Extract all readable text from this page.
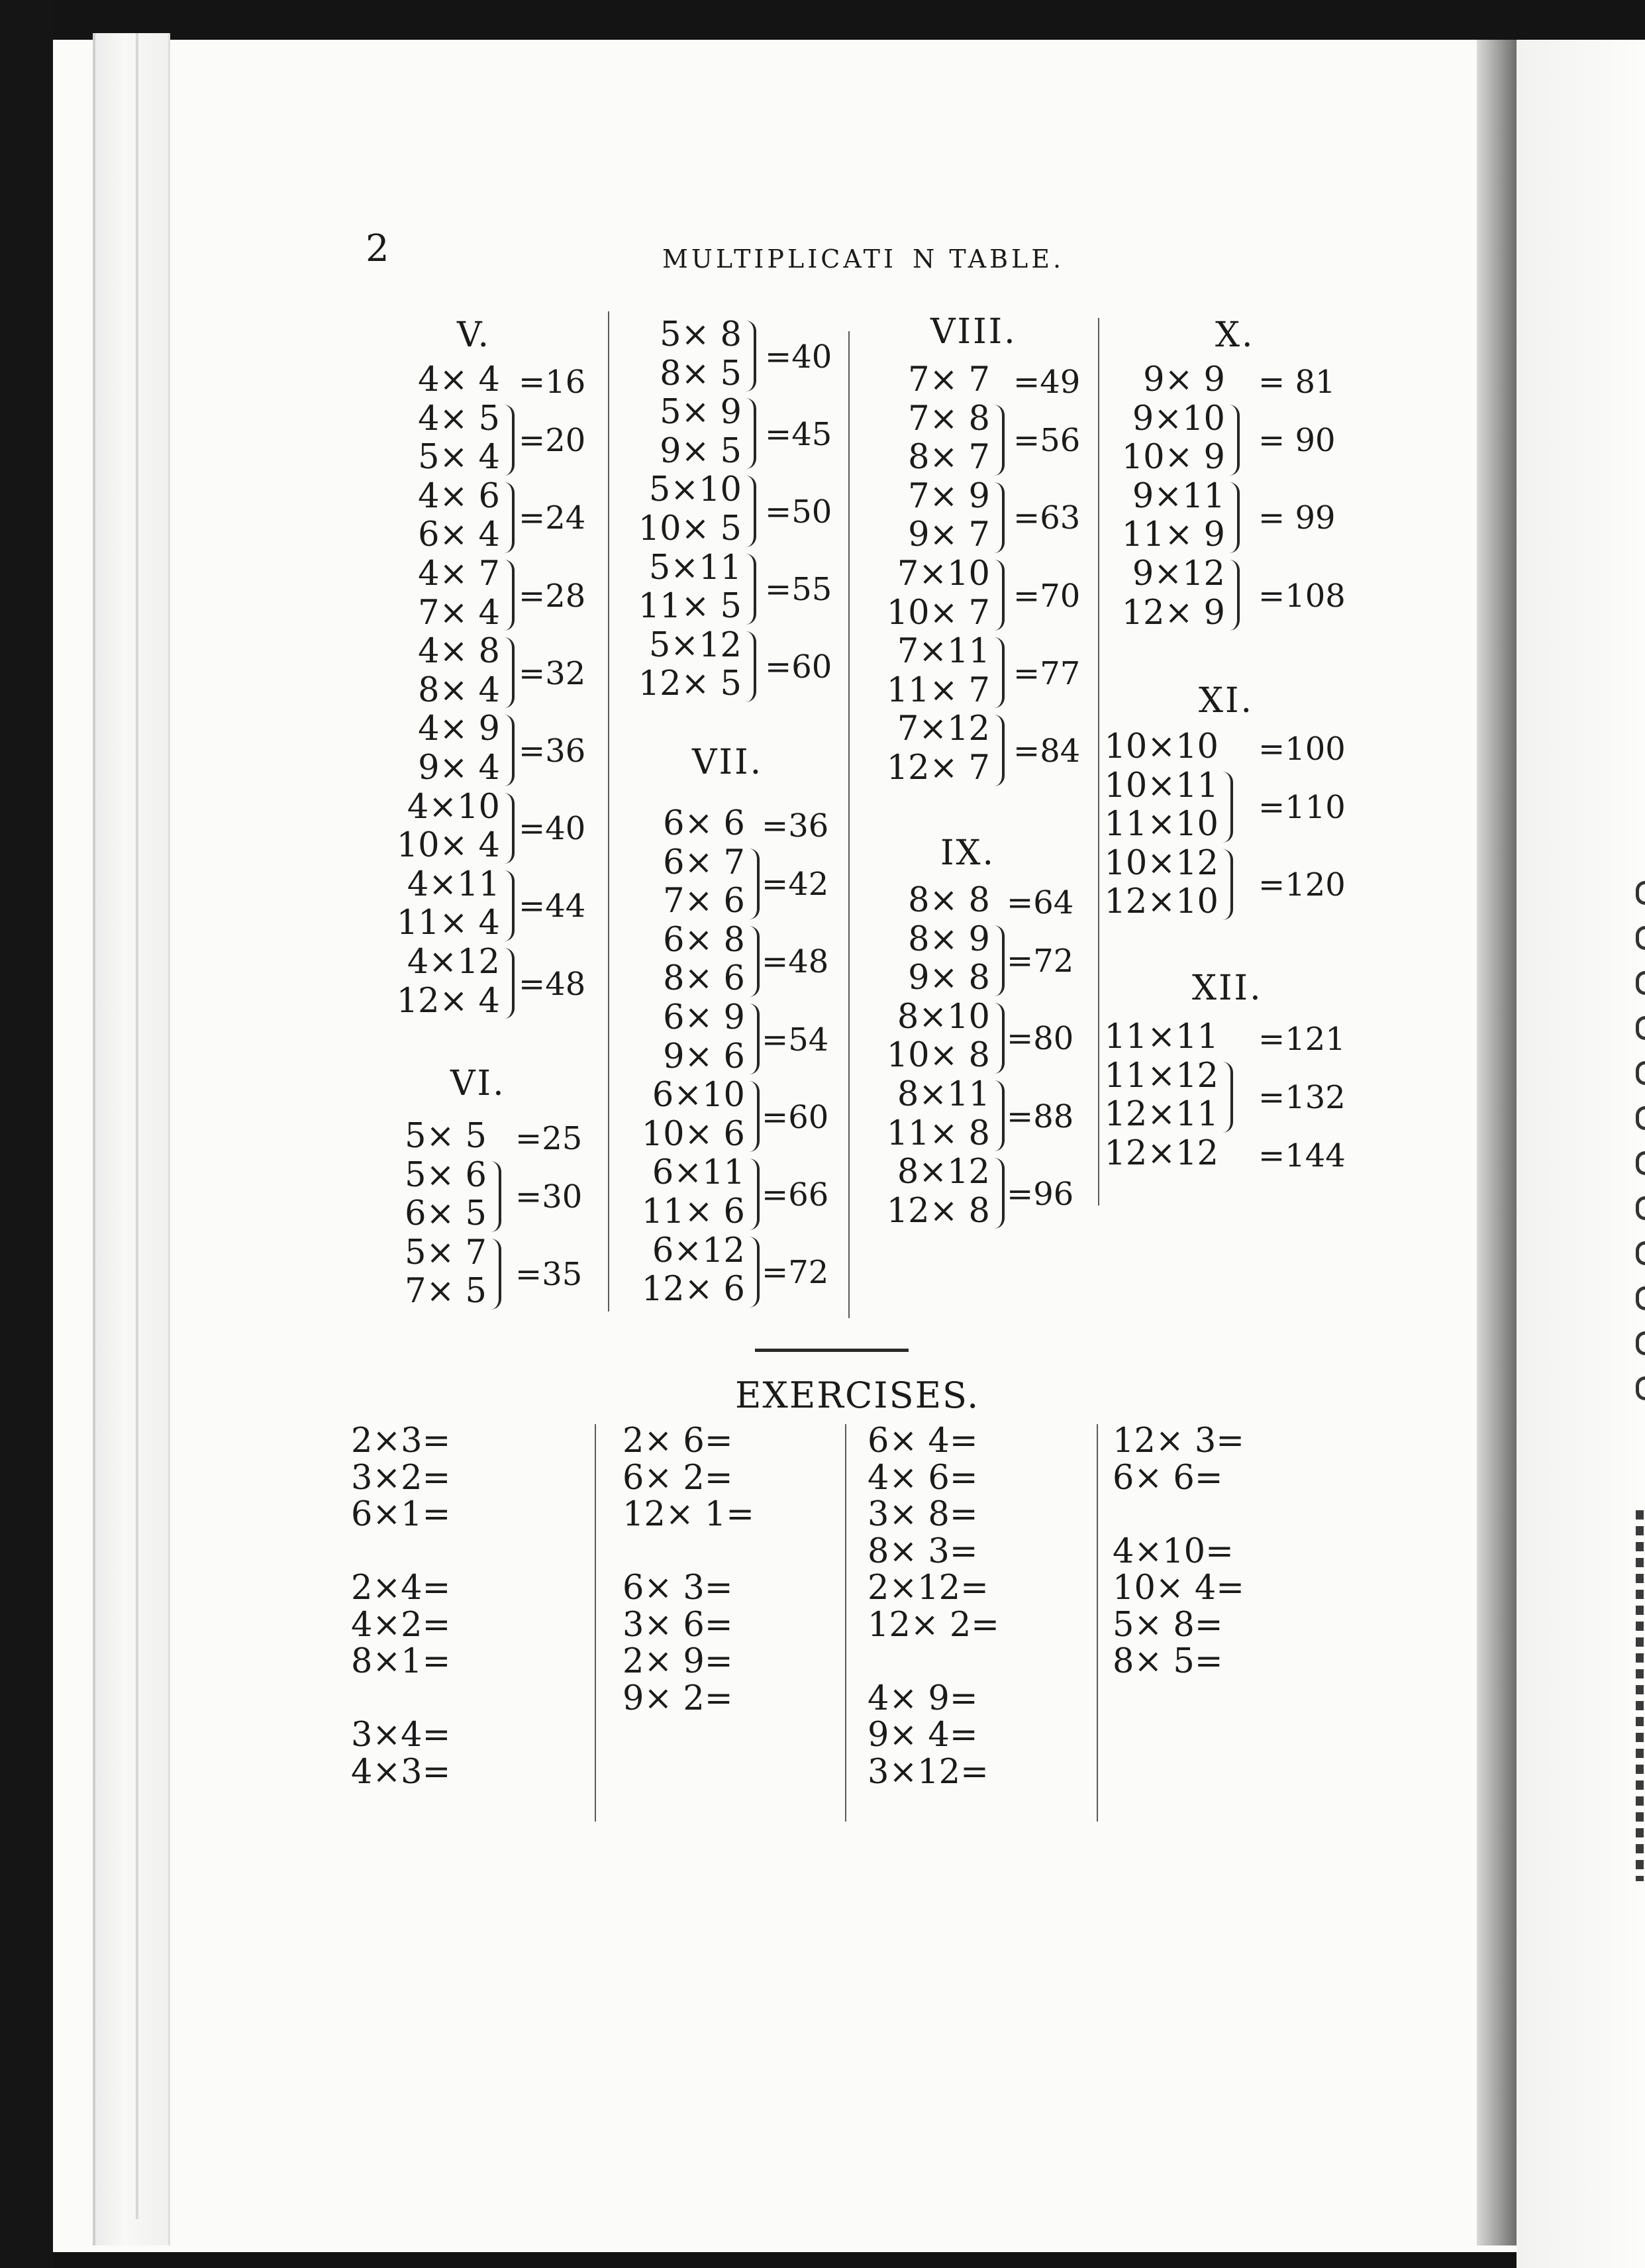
2	MULTIPLICATI N TABLE.
V.
4× 4 =16
4× 5
5× 4 =20
4× 6
6× 4 =24
4× 7
7× 4 =28
4× 8
8× 4 =32
4× 9
9× 4 =36
4×10
10× 4 =40
4×11
11× 4 =44
4×12
12× 4 =48
VI.
5× 5 =25
5× 6
6× 5 =30
5× 7
7× 5 =35
5× 8
8× 5 =40
5× 9
9× 5 =45
5×10
10× 5 =50
5×11
11× 5 =55
5×12
12× 5 =60
VII.
6× 6 =36
6× 7
7× 6 =42
6× 8
8× 6 =48
6× 9
9× 6 =54
6×10
10× 6 =60
6×11
11× 6 =66
6×12
12× 6 =72
VIII.
7× 7 =49
7× 8
8× 7 =56
7× 9
9× 7 =63
7×10
10× 7 =70
7×11
11× 7 =77
7×12
12× 7 =84
IX.
8× 8 =64
8× 9
9× 8 =72
8×10
10× 8 =80
8×11
11× 8 =88
8×12
12× 8 =96
X.
9× 9 = 81
9×10
10× 9 = 90
9×11
11× 9 = 99
9×12
12× 9 =108
XI.
10×10 =100
10×11
11×10 =110
10×12
12×10 =120
XII.
11×11 =121
11×12
12×11 =132
12×12 =144
EXERCISES.
2×3=
3×2=
6×1=
2×4=
4×2=
8×1=
3×4=
4×3=
2× 6=
6× 2=
12× 1=
6× 3=
3× 6=
2× 9=
9× 2=
6× 4=
4× 6=
3× 8=
8× 3=
2×12=
12× 2=
4× 9=
9× 4=
3×12=
12× 3=
6× 6=
4×10=
10× 4=
5× 8=
8× 5=
